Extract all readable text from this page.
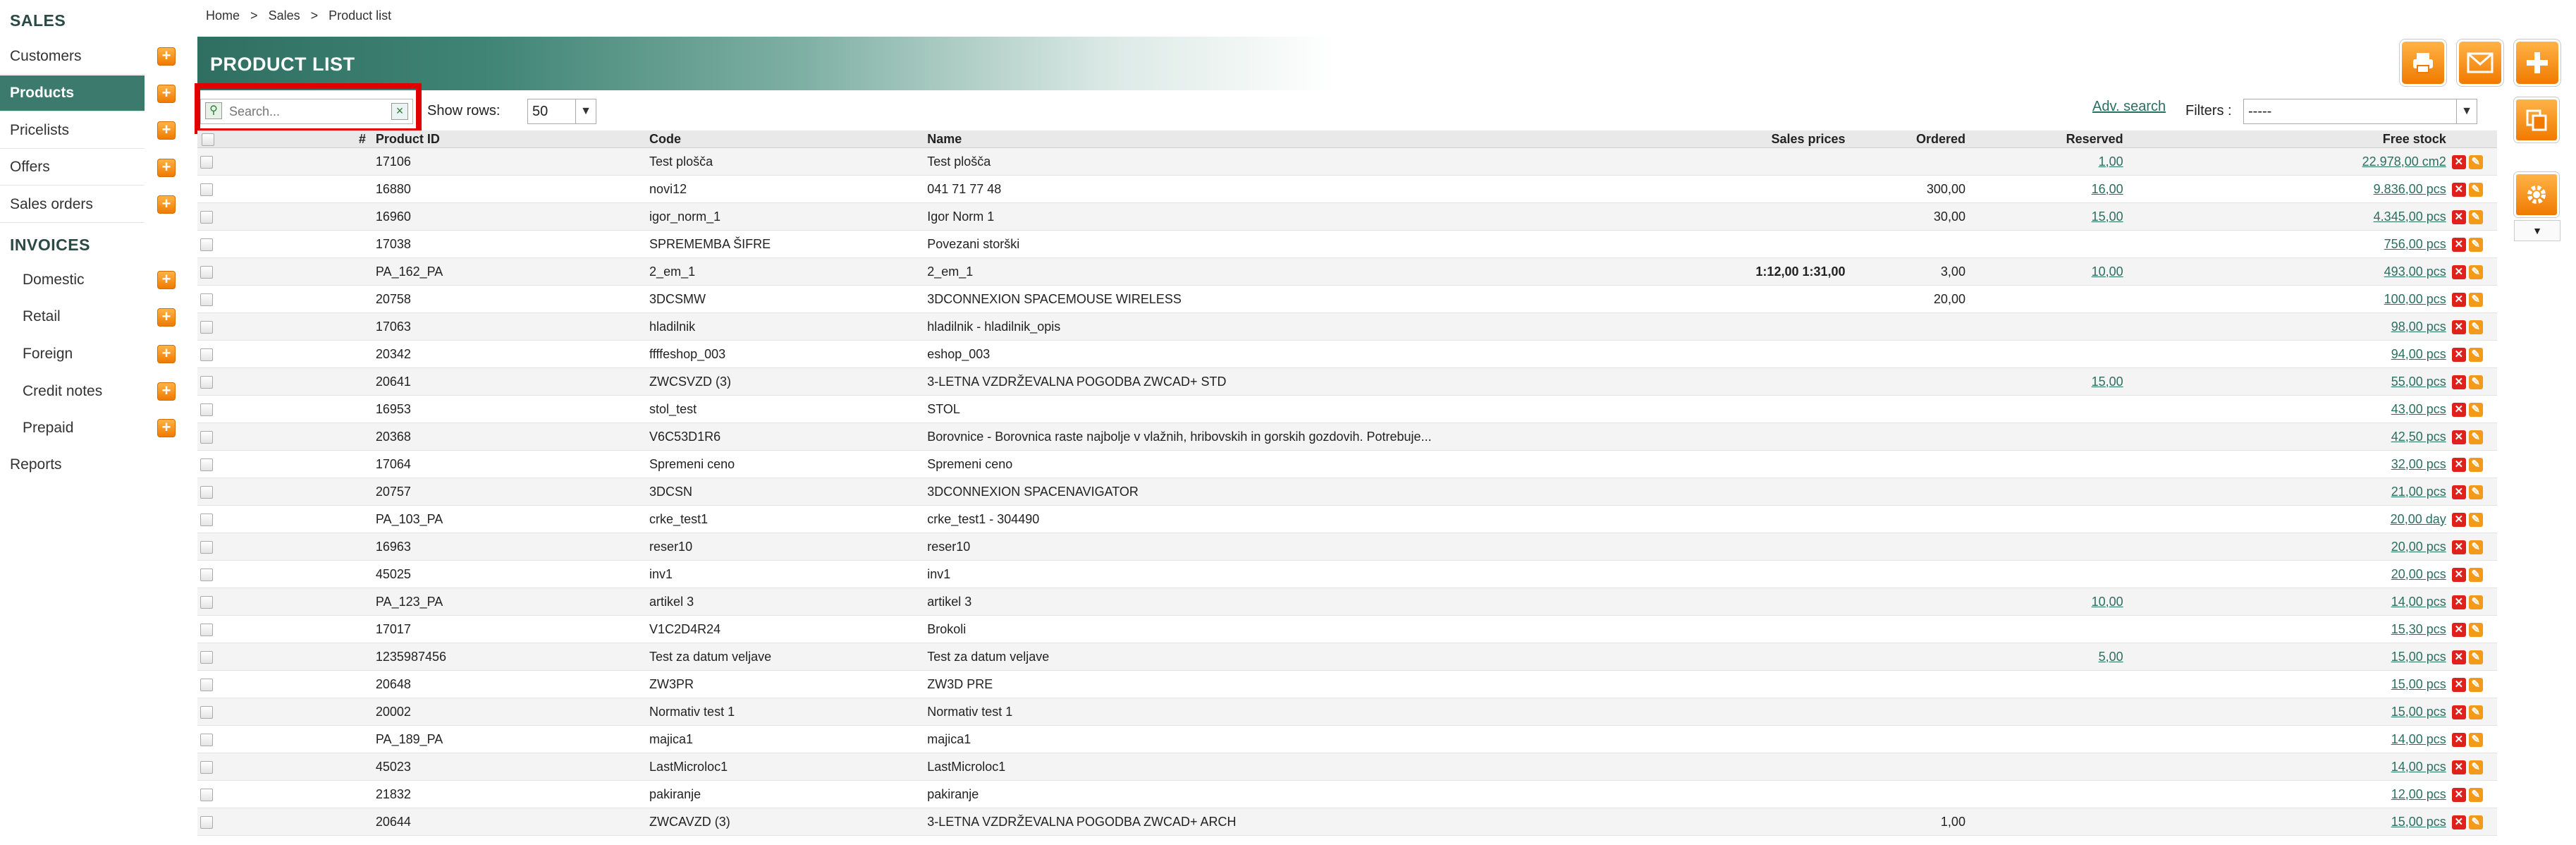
SALES
Customers
Products
Pricelists
Offers
Sales orders
+
+
+
+
+
INVOICES
Domestic
Retail
Foreign
Credit notes
Prepaid
+
+
+
+
+
Reports
Home > Sales > Product list
PRODUCT LIST
⚲
Search...	×	Show rows: 50	▼	Adv. search Filters : -----	▼
	#	Product ID	Code	Name	Sales prices	Ordered	Reserved	Free stock	
		17106	Test plošča	Test plošča			1,00	22.978,00 cm2	✕ ✎
		16880	novi12	041 71 77 48		300,00	16,00	9.836,00 pcs	✕ ✎
		16960	igor_norm_1	Igor Norm 1		30,00	15,00	4.345,00 pcs	✕ ✎
		17038	SPREMEMBA ŠIFRE	Povezani storški				756,00 pcs	✕ ✎
		PA_162_PA	2_em_1	2_em_1	1:12,00 1:31,00	3,00	10,00	493,00 pcs	✕ ✎
		20758	3DCSMW	3DCONNEXION SPACEMOUSE WIRELESS		20,00		100,00 pcs	✕ ✎
		17063	hladilnik	hladilnik - hladilnik_opis				98,00 pcs	✕ ✎
		20342	ffffeshop_003	eshop_003				94,00 pcs	✕ ✎
		20641	ZWCSVZD (3)	3-LETNA VZDRŽEVALNA POGODBA ZWCAD+ STD			15,00	55,00 pcs	✕ ✎
		16953	stol_test	STOL				43,00 pcs	✕ ✎
		20368	V6C53D1R6	Borovnice - Borovnica raste najbolje v vlažnih, hribovskih in gorskih gozdovih. Potrebuje...				42,50 pcs	✕ ✎
		17064	Spremeni ceno	Spremeni ceno				32,00 pcs	✕ ✎
		20757	3DCSN	3DCONNEXION SPACENAVIGATOR				21,00 pcs	✕ ✎
		PA_103_PA	crke_test1	crke_test1 - 304490				20,00 day	✕ ✎
		16963	reser10	reser10				20,00 pcs	✕ ✎
		45025	inv1	inv1				20,00 pcs	✕ ✎
		PA_123_PA	artikel 3	artikel 3			10,00	14,00 pcs	✕ ✎
		17017	V1C2D4R24	Brokoli				15,30 pcs	✕ ✎
		1235987456	Test za datum veljave	Test za datum veljave			5,00	15,00 pcs	✕ ✎
		20648	ZW3PR	ZW3D PRE				15,00 pcs	✕ ✎
		20002	Normativ test 1	Normativ test 1				15,00 pcs	✕ ✎
		PA_189_PA	majica1	majica1				14,00 pcs	✕ ✎
		45023	LastMicroloc1	LastMicroloc1				14,00 pcs	✕ ✎
		21832	pakiranje	pakiranje				12,00 pcs	✕ ✎
		20644	ZWCAVZD (3)	3-LETNA VZDRŽEVALNA POGODBA ZWCAD+ ARCH		1,00		15,00 pcs	✕ ✎
▼
